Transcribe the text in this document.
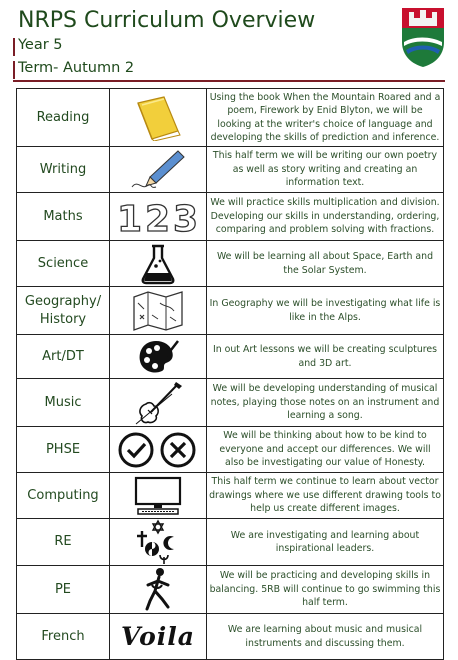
NRPS Curriculum Overview
Year 5
Term- Autumn 2
Reading		Using the book When the Mountain Roared and a poem, Firework by Enid Blyton, we will be looking at the writer's choice of language and developing the skills of prediction and inference.
Writing		This half term we will be writing our own poetry as well as story writing and creating an information text.
Maths	1 2 3	We will practice skills multiplication and division. Developing our skills in understanding, ordering, comparing and problem solving with fractions.
Science		We will be learning all about Space, Earth and the Solar System.
Geography/ History		In Geography we will be investigating what life is like in the Alps.
Art/DT		In out Art lessons we will be creating sculptures and 3D art.
Music		We will be developing understanding of musical notes, playing those notes on an instrument and learning a song.
PHSE		We will be thinking about how to be kind to everyone and accept our differences. We will also be investigating our value of Honesty.
Computing		This half term we continue to learn about vector drawings where we use different drawing tools to help us create different images.
RE		We are investigating and learning about inspirational leaders.
PE		We will be practicing and developing skills in balancing. 5RB will continue to go swimming this half term.
French	Voila	We are learning about music and musical instruments and discussing them.
